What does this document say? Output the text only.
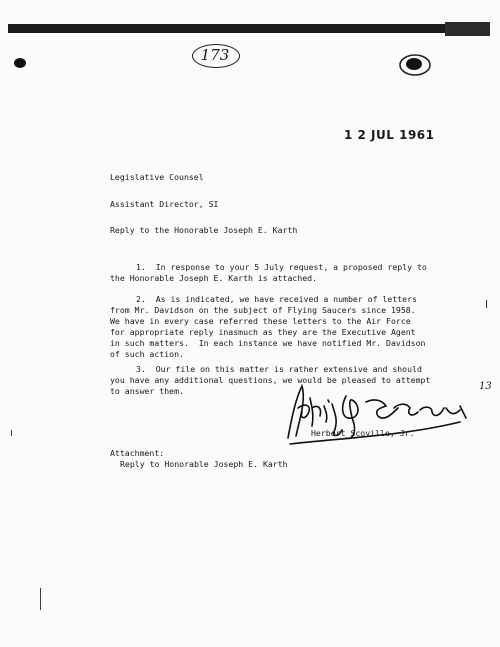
173
1 2 JUL 1961
Legislative Counsel
Assistant Director, SI
Reply to the Honorable Joseph E. Karth
1.  In response to your 5 July request, a proposed reply to
the Honorable Joseph E. Karth is attached.
2.  As is indicated, we have received a number of letters
from Mr. Davidson on the subject of Flying Saucers since 1958.
We have in every case referred these letters to the Air Force
for appropriate reply inasmuch as they are the Executive Agent
in such matters.  In each instance we have notified Mr. Davidson
of such action.
3.  Our file on this matter is rather extensive and should
you have any additional questions, we would be pleased to attempt
to answer them.	13
Herbert Scoville, Jr.
Attachment:
Reply to Honorable Joseph E. Karth
